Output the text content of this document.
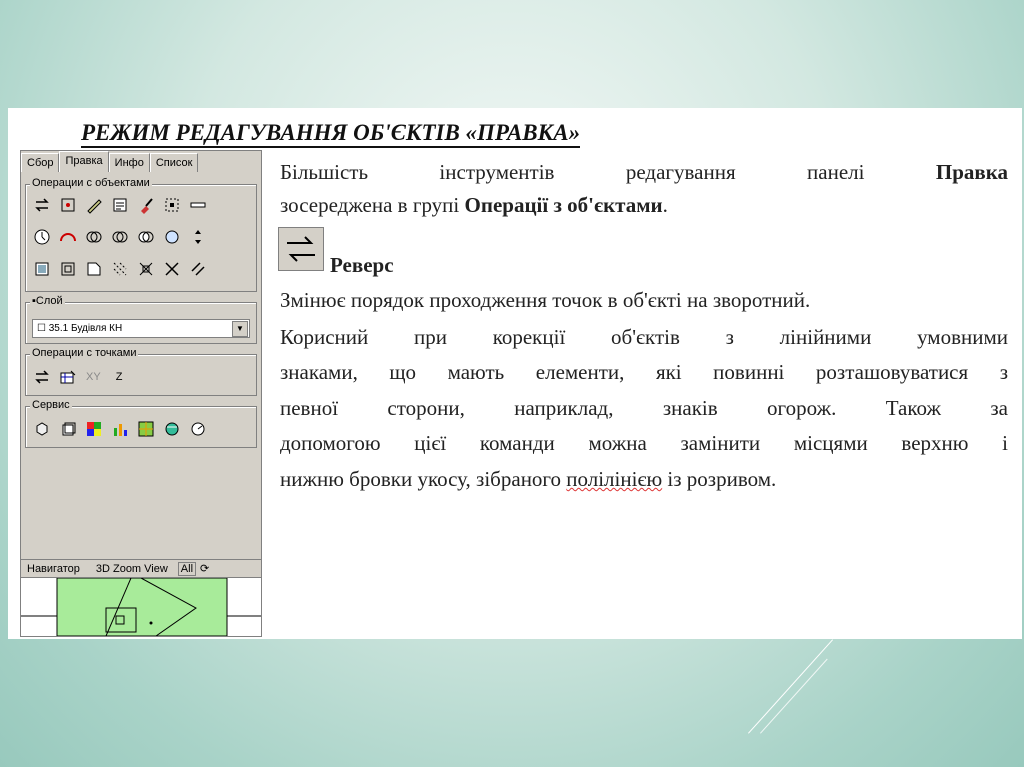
РЕЖИМ РЕДАГУВАННЯ ОБ'ЄКТІВ «ПРАВКА»
Сбор	Правка	Инфо	Список
Операции с объектами
▪Слой
☐ 35.1 Будівля КН	▼
Операции с точками
XY Z
Сервис
Навигатор 3D Zoom View All ⟳
Більшість	інструментів	редагування	панелі	Правка
зосереджена в групі Операції з об'єктами.
Реверс
Змінює порядок проходження точок в об'єкті на зворотний.
Корисний при корекції об'єктів з лінійними умовними
знаками, що мають елементи, які повинні розташовуватися з
певної сторони, наприклад, знаків огорож. Також за
допомогою цієї команди можна замінити місцями верхню і
нижню бровки укосу, зібраного полілінією із розривом.
